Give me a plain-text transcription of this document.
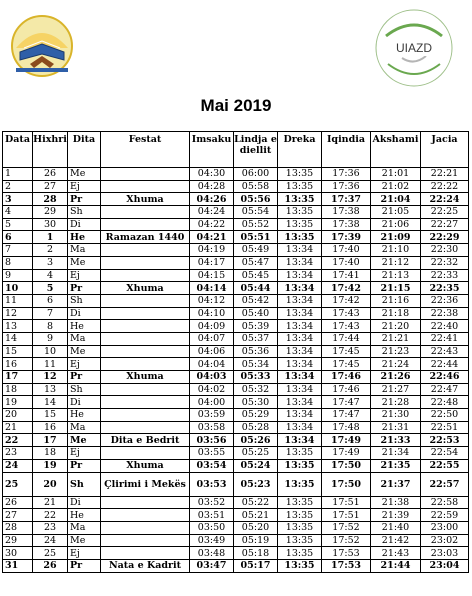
UIAZD
Mai 2019
Data	Hixhri	Dita	Festat	Imsaku	Lindja e diellit	Dreka	Iqindia	Akshami	Jacia
1	26	Me		04:30	06:00	13:35	17:36	21:01	22:21
2	27	Ej		04:28	05:58	13:35	17:36	21:02	22:22
3	28	Pr	Xhuma	04:26	05:56	13:35	17:37	21:04	22:24
4	29	Sh		04:24	05:54	13:35	17:38	21:05	22:25
5	30	Di		04:22	05:52	13:35	17:38	21:06	22:27
6	1	He	Ramazan 1440	04:21	05:51	13:35	17:39	21:09	22:29
7	2	Ma		04:19	05:49	13:34	17:40	21:10	22:30
8	3	Me		04:17	05:47	13:34	17:40	21:12	22:32
9	4	Ej		04:15	05:45	13:34	17:41	21:13	22:33
10	5	Pr	Xhuma	04:14	05:44	13:34	17:42	21:15	22:35
11	6	Sh		04:12	05:42	13:34	17:42	21:16	22:36
12	7	Di		04:10	05:40	13:34	17:43	21:18	22:38
13	8	He		04:09	05:39	13:34	17:43	21:20	22:40
14	9	Ma		04:07	05:37	13:34	17:44	21:21	22:41
15	10	Me		04:06	05:36	13:34	17:45	21:23	22:43
16	11	Ej		04:04	05:34	13:34	17:45	21:24	22:44
17	12	Pr	Xhuma	04:03	05:33	13:34	17:46	21:26	22:46
18	13	Sh		04:02	05:32	13:34	17:46	21:27	22:47
19	14	Di		04:00	05:30	13:34	17:47	21:28	22:48
20	15	He		03:59	05:29	13:34	17:47	21:30	22:50
21	16	Ma		03:58	05:28	13:34	17:48	21:31	22:51
22	17	Me	Dita e Bedrit	03:56	05:26	13:34	17:49	21:33	22:53
23	18	Ej		03:55	05:25	13:35	17:49	21:34	22:54
24	19	Pr	Xhuma	03:54	05:24	13:35	17:50	21:35	22:55
25	20	Sh	Çlirimi i Mekës	03:53	05:23	13:35	17:50	21:37	22:57
26	21	Di		03:52	05:22	13:35	17:51	21:38	22:58
27	22	He		03:51	05:21	13:35	17:51	21:39	22:59
28	23	Ma		03:50	05:20	13:35	17:52	21:40	23:00
29	24	Me		03:49	05:19	13:35	17:52	21:42	23:02
30	25	Ej		03:48	05:18	13:35	17:53	21:43	23:03
31	26	Pr	Nata e Kadrit	03:47	05:17	13:35	17:53	21:44	23:04
